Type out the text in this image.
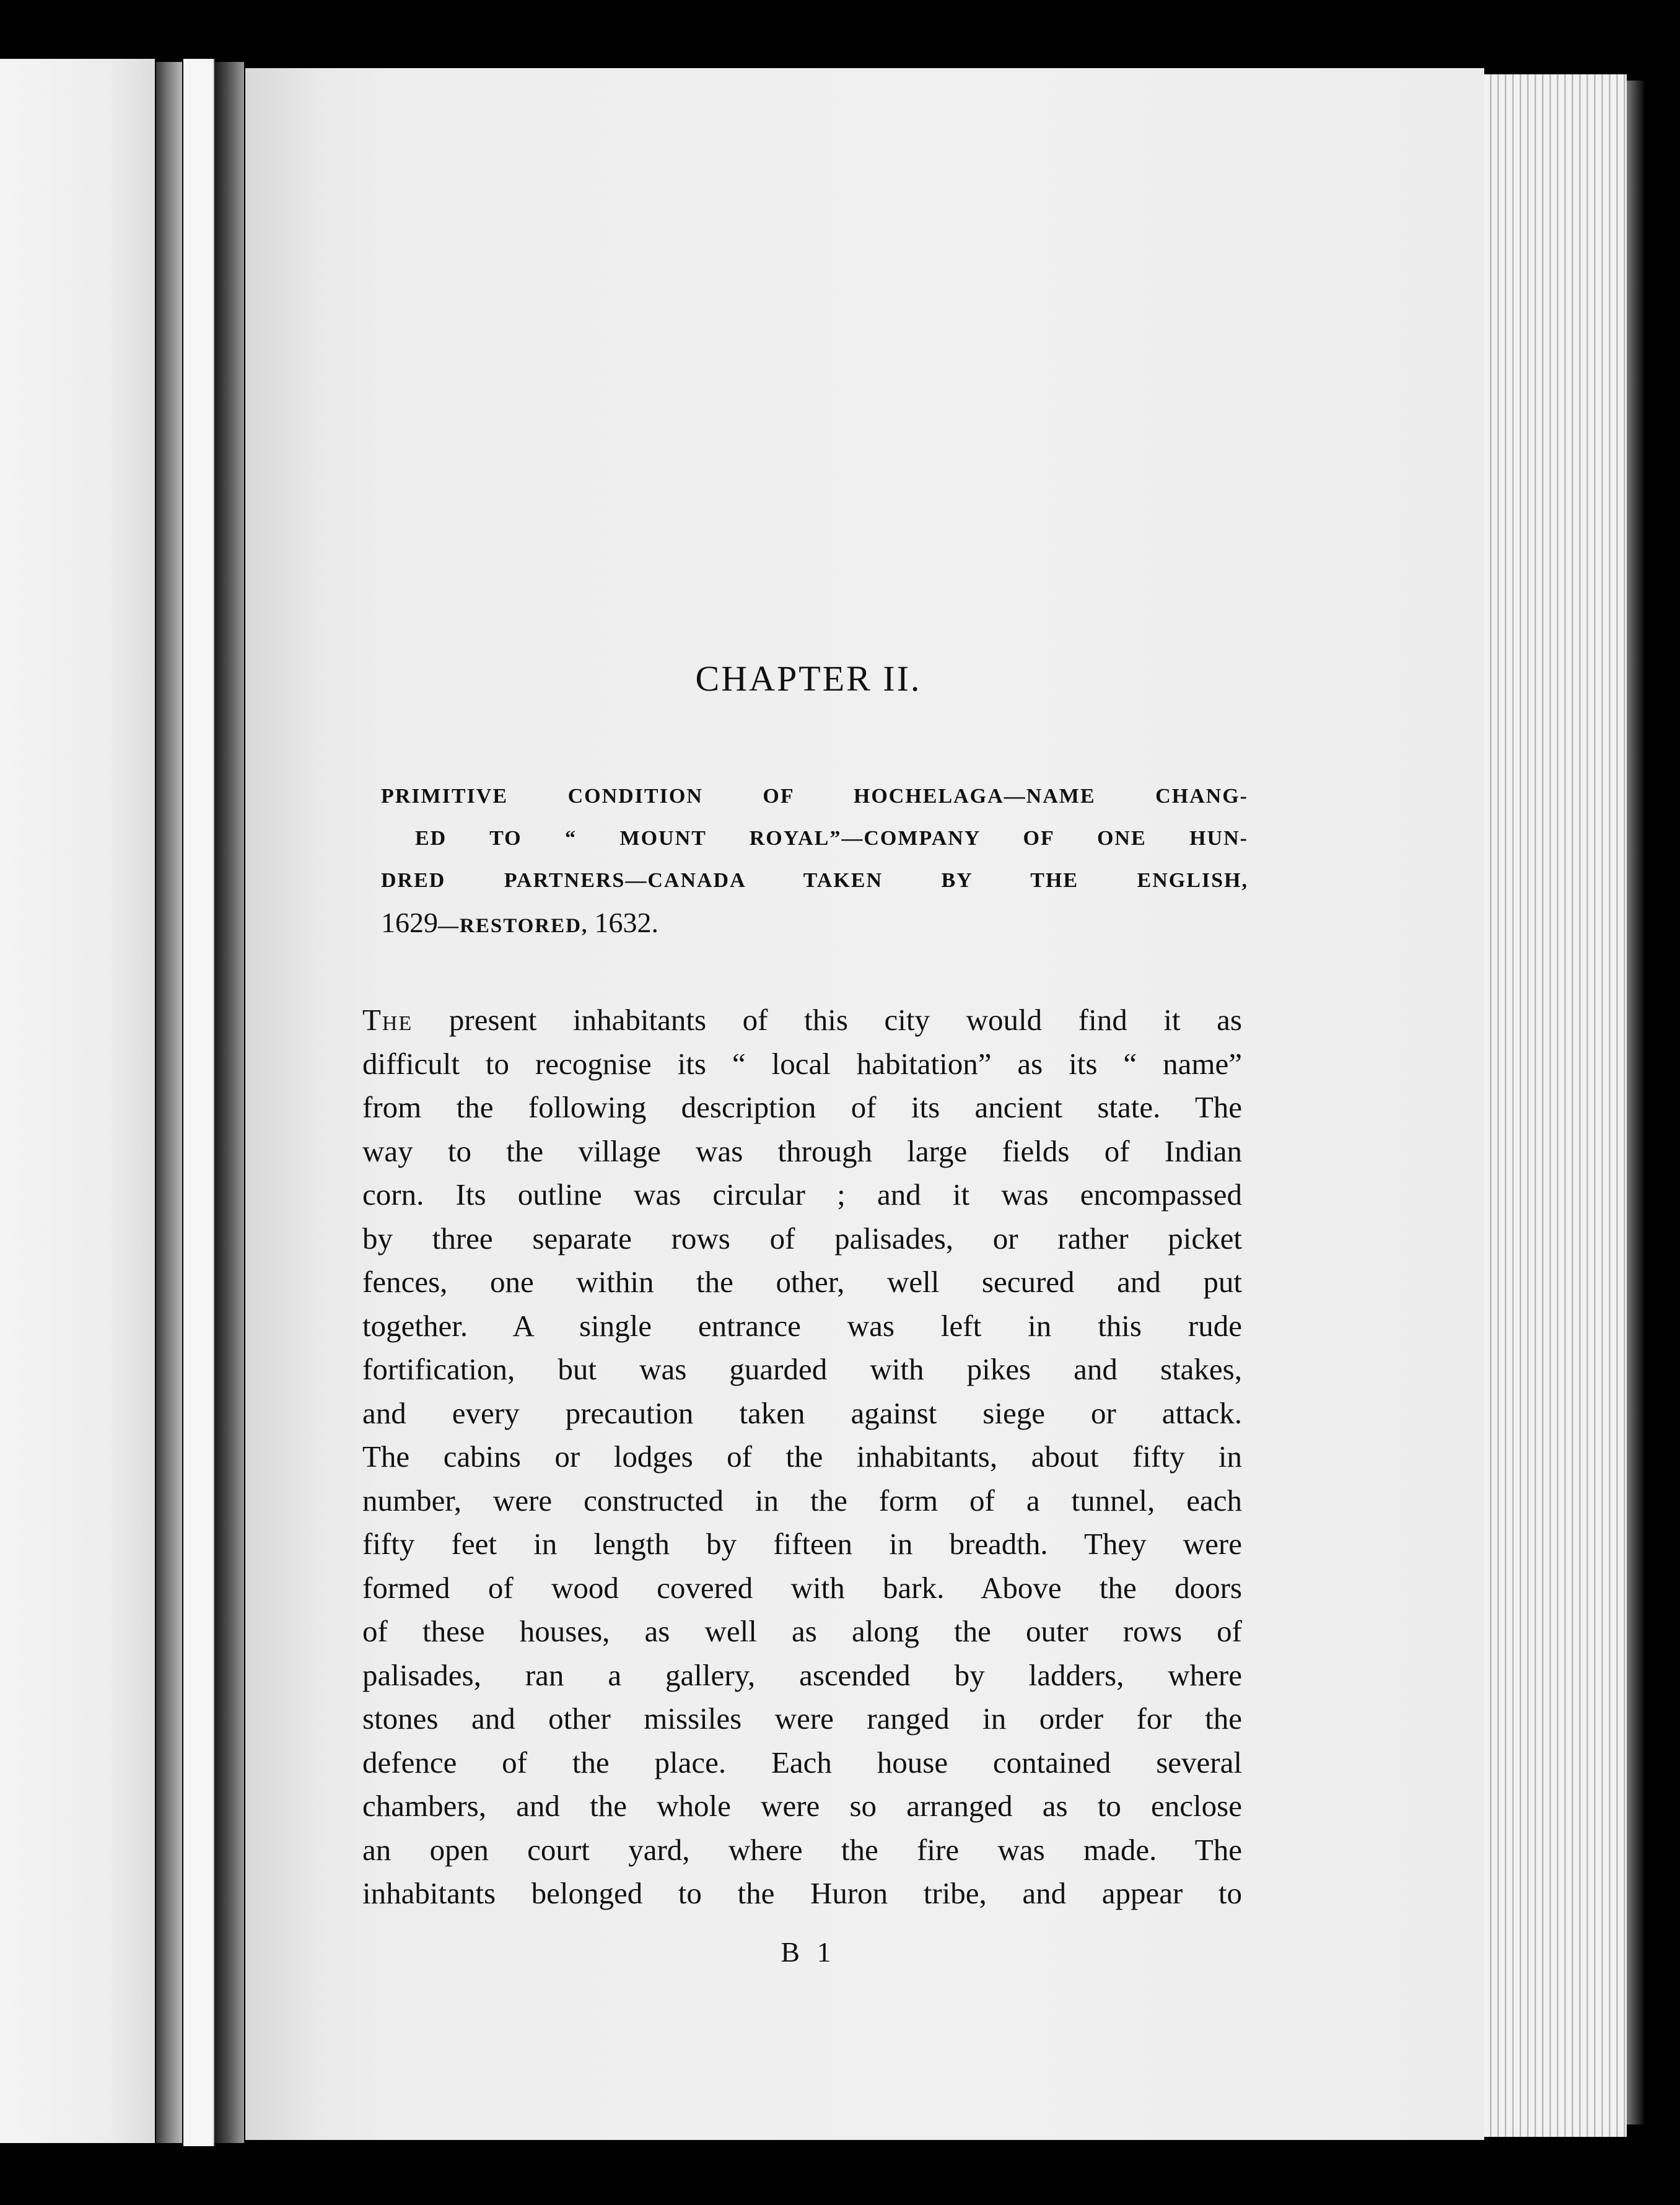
CHAPTER II.
PRIMITIVE CONDITION OF HOCHELAGA—NAME CHANG-
ED TO “ MOUNT ROYAL”—COMPANY OF ONE HUN-
DRED PARTNERS—CANADA TAKEN BY THE ENGLISH,
1629—RESTORED, 1632.
The present inhabitants of this city would find it as
difficult to recognise its “ local habitation” as its “ name”
from the following description of its ancient state. The
way to the village was through large fields of Indian
corn. Its outline was circular ; and it was encompassed
by three separate rows of palisades, or rather picket
fences, one within the other, well secured and put
together. A single entrance was left in this rude
fortification, but was guarded with pikes and stakes,
and every precaution taken against siege or attack.
The cabins or lodges of the inhabitants, about fifty in
number, were constructed in the form of a tunnel, each
fifty feet in length by fifteen in breadth. They were
formed of wood covered with bark. Above the doors
of these houses, as well as along the outer rows of
palisades, ran a gallery, ascended by ladders, where
stones and other missiles were ranged in order for the
defence of the place. Each house contained several
chambers, and the whole were so arranged as to enclose
an open court yard, where the fire was made. The
inhabitants belonged to the Huron tribe, and appear to

B 1
